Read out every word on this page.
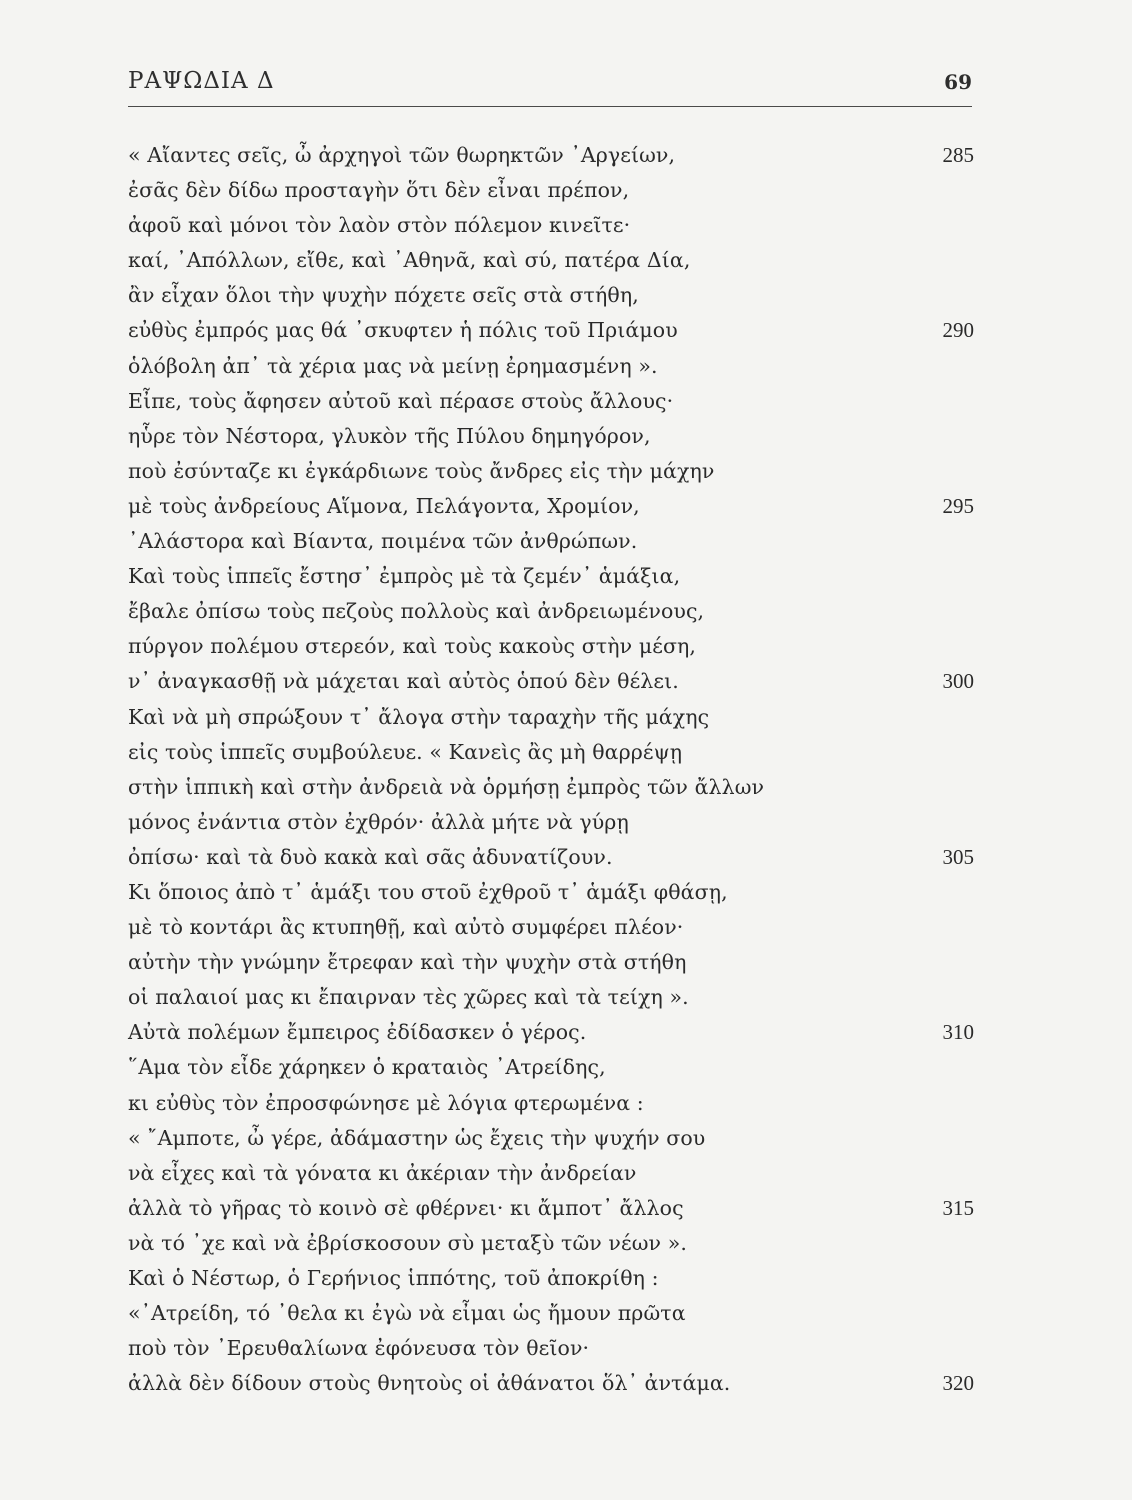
ΡΑΨΩΔΙΑ Δ	69
« Αἴαντες σεῖς, ὦ ἀρχηγοὶ τῶν θωρηκτῶν ᾿Αργείων,	285
ἐσᾶς δὲν δίδω προσταγὴν ὅτι δὲν εἶναι πρέπον,
ἀφοῦ καὶ μόνοι τὸν λαὸν στὸν πόλεμον κινεῖτε·
καί, ᾿Απόλλων, εἴθε, καὶ ᾿Αθηνᾶ, καὶ σύ, πατέρα Δία,
ἂν εἶχαν ὅλοι τὴν ψυχὴν πόχετε σεῖς στὰ στήθη,
εὐθὺς ἐμπρός μας θά ᾿σκυφτεν ἡ πόλις τοῦ Πριάμου	290
ὁλόβολη ἀπ᾿ τὰ χέρια μας νὰ μείνῃ ἐρημασμένη ».
Εἶπε, τοὺς ἄφησεν αὐτοῦ καὶ πέρασε στοὺς ἄλλους·
ηὗρε τὸν Νέστορα, γλυκὸν τῆς Πύλου δημηγόρον,
ποὺ ἐσύνταζε κι ἐγκάρδιωνε τοὺς ἄνδρες εἰς τὴν μάχην
μὲ τοὺς ἀνδρείους Αἵμονα, Πελάγοντα, Χρομίον,	295
᾿Αλάστορα καὶ Βίαντα, ποιμένα τῶν ἀνθρώπων.
Καὶ τοὺς ἱππεῖς ἔστησ᾿ ἐμπρὸς μὲ τὰ ζεμέν᾿ ἁμάξια,
ἔβαλε ὀπίσω τοὺς πεζοὺς πολλοὺς καὶ ἀνδρειωμένους,
πύργον πολέμου στερεόν, καὶ τοὺς κακοὺς στὴν μέση,
ν᾿ ἀναγκασθῇ νὰ μάχεται καὶ αὐτὸς ὁπού δὲν θέλει.	300
Καὶ νὰ μὴ σπρώξουν τ᾿ ἄλογα στὴν ταραχὴν τῆς μάχης
εἰς τοὺς ἱππεῖς συμβούλευε. « Κανεὶς ἂς μὴ θαρρέψῃ
στὴν ἱππικὴ καὶ στὴν ἀνδρειὰ νὰ ὁρμήσῃ ἐμπρὸς τῶν ἄλλων
μόνος ἐνάντια στὸν ἐχθρόν· ἀλλὰ μήτε νὰ γύρῃ
ὀπίσω· καὶ τὰ δυὸ κακὰ καὶ σᾶς ἀδυνατίζουν.	305
Κι ὅποιος ἀπὸ τ᾿ ἁμάξι του στοῦ ἐχθροῦ τ᾿ ἁμάξι φθάσῃ,
μὲ τὸ κοντάρι ἂς κτυπηθῇ, καὶ αὐτὸ συμφέρει πλέον·
αὐτὴν τὴν γνώμην ἔτρεφαν καὶ τὴν ψυχὴν στὰ στήθη
οἱ παλαιοί μας κι ἔπαιρναν τὲς χῶρες καὶ τὰ τείχη ».
Αὐτὰ πολέμων ἔμπειρος ἐδίδασκεν ὁ γέρος.	310
῞Αμα τὸν εἶδε χάρηκεν ὁ κραταιὸς ᾿Ατρείδης,
κι εὐθὺς τὸν ἐπροσφώνησε μὲ λόγια φτερωμένα :
« ῎Αμποτε, ὦ γέρε, ἀδάμαστην ὡς ἔχεις τὴν ψυχήν σου
νὰ εἶχες καὶ τὰ γόνατα κι ἀκέριαν τὴν ἀνδρείαν
ἀλλὰ τὸ γῆρας τὸ κοινὸ σὲ φθέρνει· κι ἄμποτ᾿ ἄλλος	315
νὰ τό ᾿χε καὶ νὰ ἐβρίσκοσουν σὺ μεταξὺ τῶν νέων ».
Καὶ ὁ Νέστωρ, ὁ Γερήνιος ἱππότης, τοῦ ἀποκρίθη :
«᾿Ατρείδη, τό ᾿θελα κι ἐγὼ νὰ εἶμαι ὡς ἤμουν πρῶτα
ποὺ τὸν ᾿Ερευθαλίωνα ἐφόνευσα τὸν θεῖον·
ἀλλὰ δὲν δίδουν στοὺς θνητοὺς οἱ ἀθάνατοι ὅλ᾿ ἀντάμα.	320
